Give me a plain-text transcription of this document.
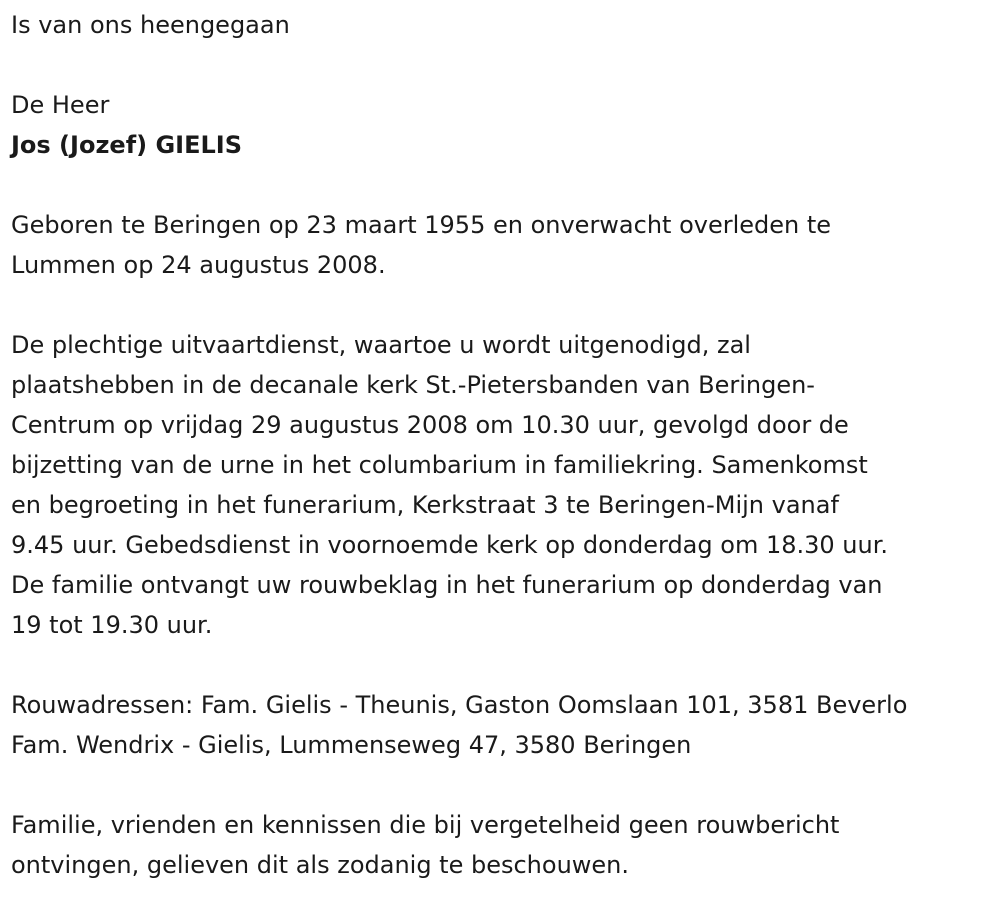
Is van ons heengegaan
De Heer
Jos (Jozef) GIELIS

Geboren te Beringen op 23 maart 1955 en onverwacht overleden te
Lummen op 24 augustus 2008.

De plechtige uitvaartdienst, waartoe u wordt uitgenodigd, zal
plaatshebben in de decanale kerk St.-Pietersbanden van Beringen-
Centrum op vrijdag 29 augustus 2008 om 10.30 uur, gevolgd door de
bijzetting van de urne in het columbarium in familiekring. Samenkomst
en begroeting in het funerarium, Kerkstraat 3 te Beringen-Mijn vanaf
9.45 uur. Gebedsdienst in voornoemde kerk op donderdag om 18.30 uur.
De familie ontvangt uw rouwbeklag in het funerarium op donderdag van
19 tot 19.30 uur.

Rouwadressen: Fam. Gielis - Theunis, Gaston Oomslaan 101, 3581 Beverlo
Fam. Wendrix - Gielis, Lummenseweg 47, 3580 Beringen

Familie, vrienden en kennissen die bij vergetelheid geen rouwbericht
ontvingen, gelieven dit als zodanig te beschouwen.
